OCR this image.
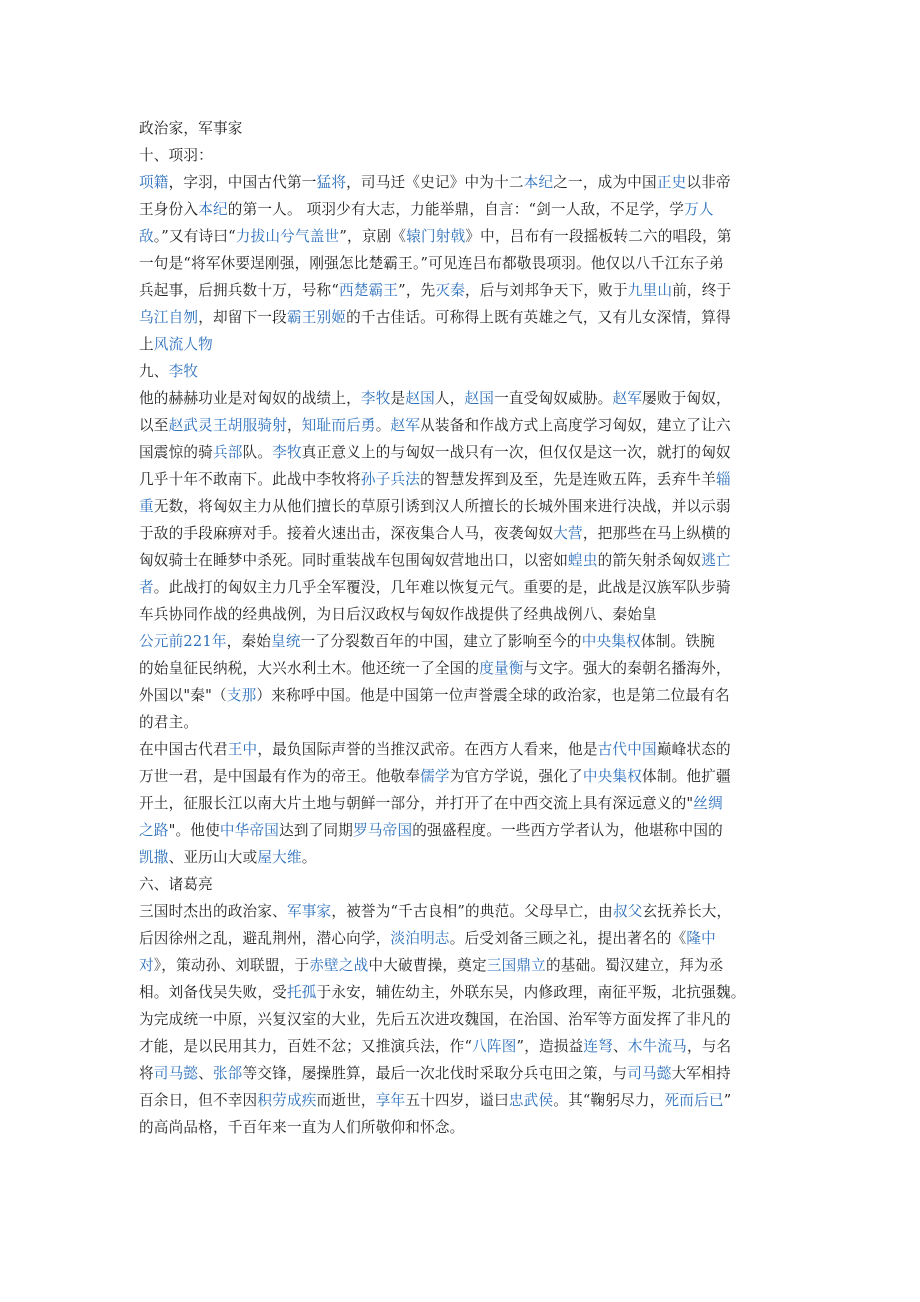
政治家，军事家
十、项羽：
项籍，字羽，中国古代第一猛将，司马迁《史记》中为十二本纪之一，成为中国正史以非帝
王身份入本纪的第一人。 项羽少有大志，力能举鼎，自言：“剑一人敌，不足学，学万人
敌。”又有诗曰“力拔山兮气盖世”，京剧《辕门射戟》中，吕布有一段摇板转二六的唱段，第
一句是“将军休要逞刚强，刚强怎比楚霸王。”可见连吕布都敬畏项羽。他仅以八千江东子弟
兵起事，后拥兵数十万，号称“西楚霸王”，先灭秦，后与刘邦争天下，败于九里山前，终于
乌江自刎，却留下一段霸王别姬的千古佳话。可称得上既有英雄之气，又有儿女深情，算得
上风流人物
九、李牧
他的赫赫功业是对匈奴的战绩上，李牧是赵国人，赵国一直受匈奴威胁。赵军屡败于匈奴，
以至赵武灵王胡服骑射，知耻而后勇。赵军从装备和作战方式上高度学习匈奴，建立了让六
国震惊的骑兵部队。李牧真正意义上的与匈奴一战只有一次，但仅仅是这一次，就打的匈奴
几乎十年不敢南下。此战中李牧将孙子兵法的智慧发挥到及至，先是连败五阵，丢弃牛羊辎
重无数，将匈奴主力从他们擅长的草原引诱到汉人所擅长的长城外围来进行决战，并以示弱
于敌的手段麻痹对手。接着火速出击，深夜集合人马，夜袭匈奴大营，把那些在马上纵横的
匈奴骑士在睡梦中杀死。同时重装战车包围匈奴营地出口，以密如蝗虫的箭矢射杀匈奴逃亡
者。此战打的匈奴主力几乎全军覆没，几年难以恢复元气。重要的是，此战是汉族军队步骑
车兵协同作战的经典战例，为日后汉政权与匈奴作战提供了经典战例八、秦始皇
公元前221年，秦始皇统一了分裂数百年的中国，建立了影响至今的中央集权体制。铁腕
的始皇征民纳税，大兴水利土木。他还统一了全国的度量衡与文字。强大的秦朝名播海外，
外国以"秦"（支那）来称呼中国。他是中国第一位声誉震全球的政治家，也是第二位最有名
的君主。
在中国古代君王中，最负国际声誉的当推汉武帝。在西方人看来，他是古代中国巅峰状态的
万世一君，是中国最有作为的帝王。他敬奉儒学为官方学说，强化了中央集权体制。他扩疆
开土，征服长江以南大片土地与朝鲜一部分，并打开了在中西交流上具有深远意义的"丝绸
之路"。他使中华帝国达到了同期罗马帝国的强盛程度。一些西方学者认为，他堪称中国的
凯撒、亚历山大或屋大维。
六、诸葛亮
三国时杰出的政治家、军事家，被誉为“千古良相”的典范。父母早亡，由叔父玄抚养长大，
后因徐州之乱，避乱荆州，潜心向学，淡泊明志。后受刘备三顾之礼，提出著名的《隆中
对》，策动孙、刘联盟，于赤壁之战中大破曹操，奠定三国鼎立的基础。蜀汉建立，拜为丞
相。刘备伐吴失败，受托孤于永安，辅佐幼主，外联东吴，内修政理，南征平叛，北抗强魏。
为完成统一中原，兴复汉室的大业，先后五次进攻魏国，在治国、治军等方面发挥了非凡的
才能，是以民用其力，百姓不忿；又推演兵法，作“八阵图”，造损益连弩、木牛流马，与名
将司马懿、张郃等交锋，屡操胜算，最后一次北伐时采取分兵屯田之策，与司马懿大军相持
百余日，但不幸因积劳成疾而逝世，享年五十四岁，谥曰忠武侯。其“鞠躬尽力，死而后已”
的高尚品格，千百年来一直为人们所敬仰和怀念。
